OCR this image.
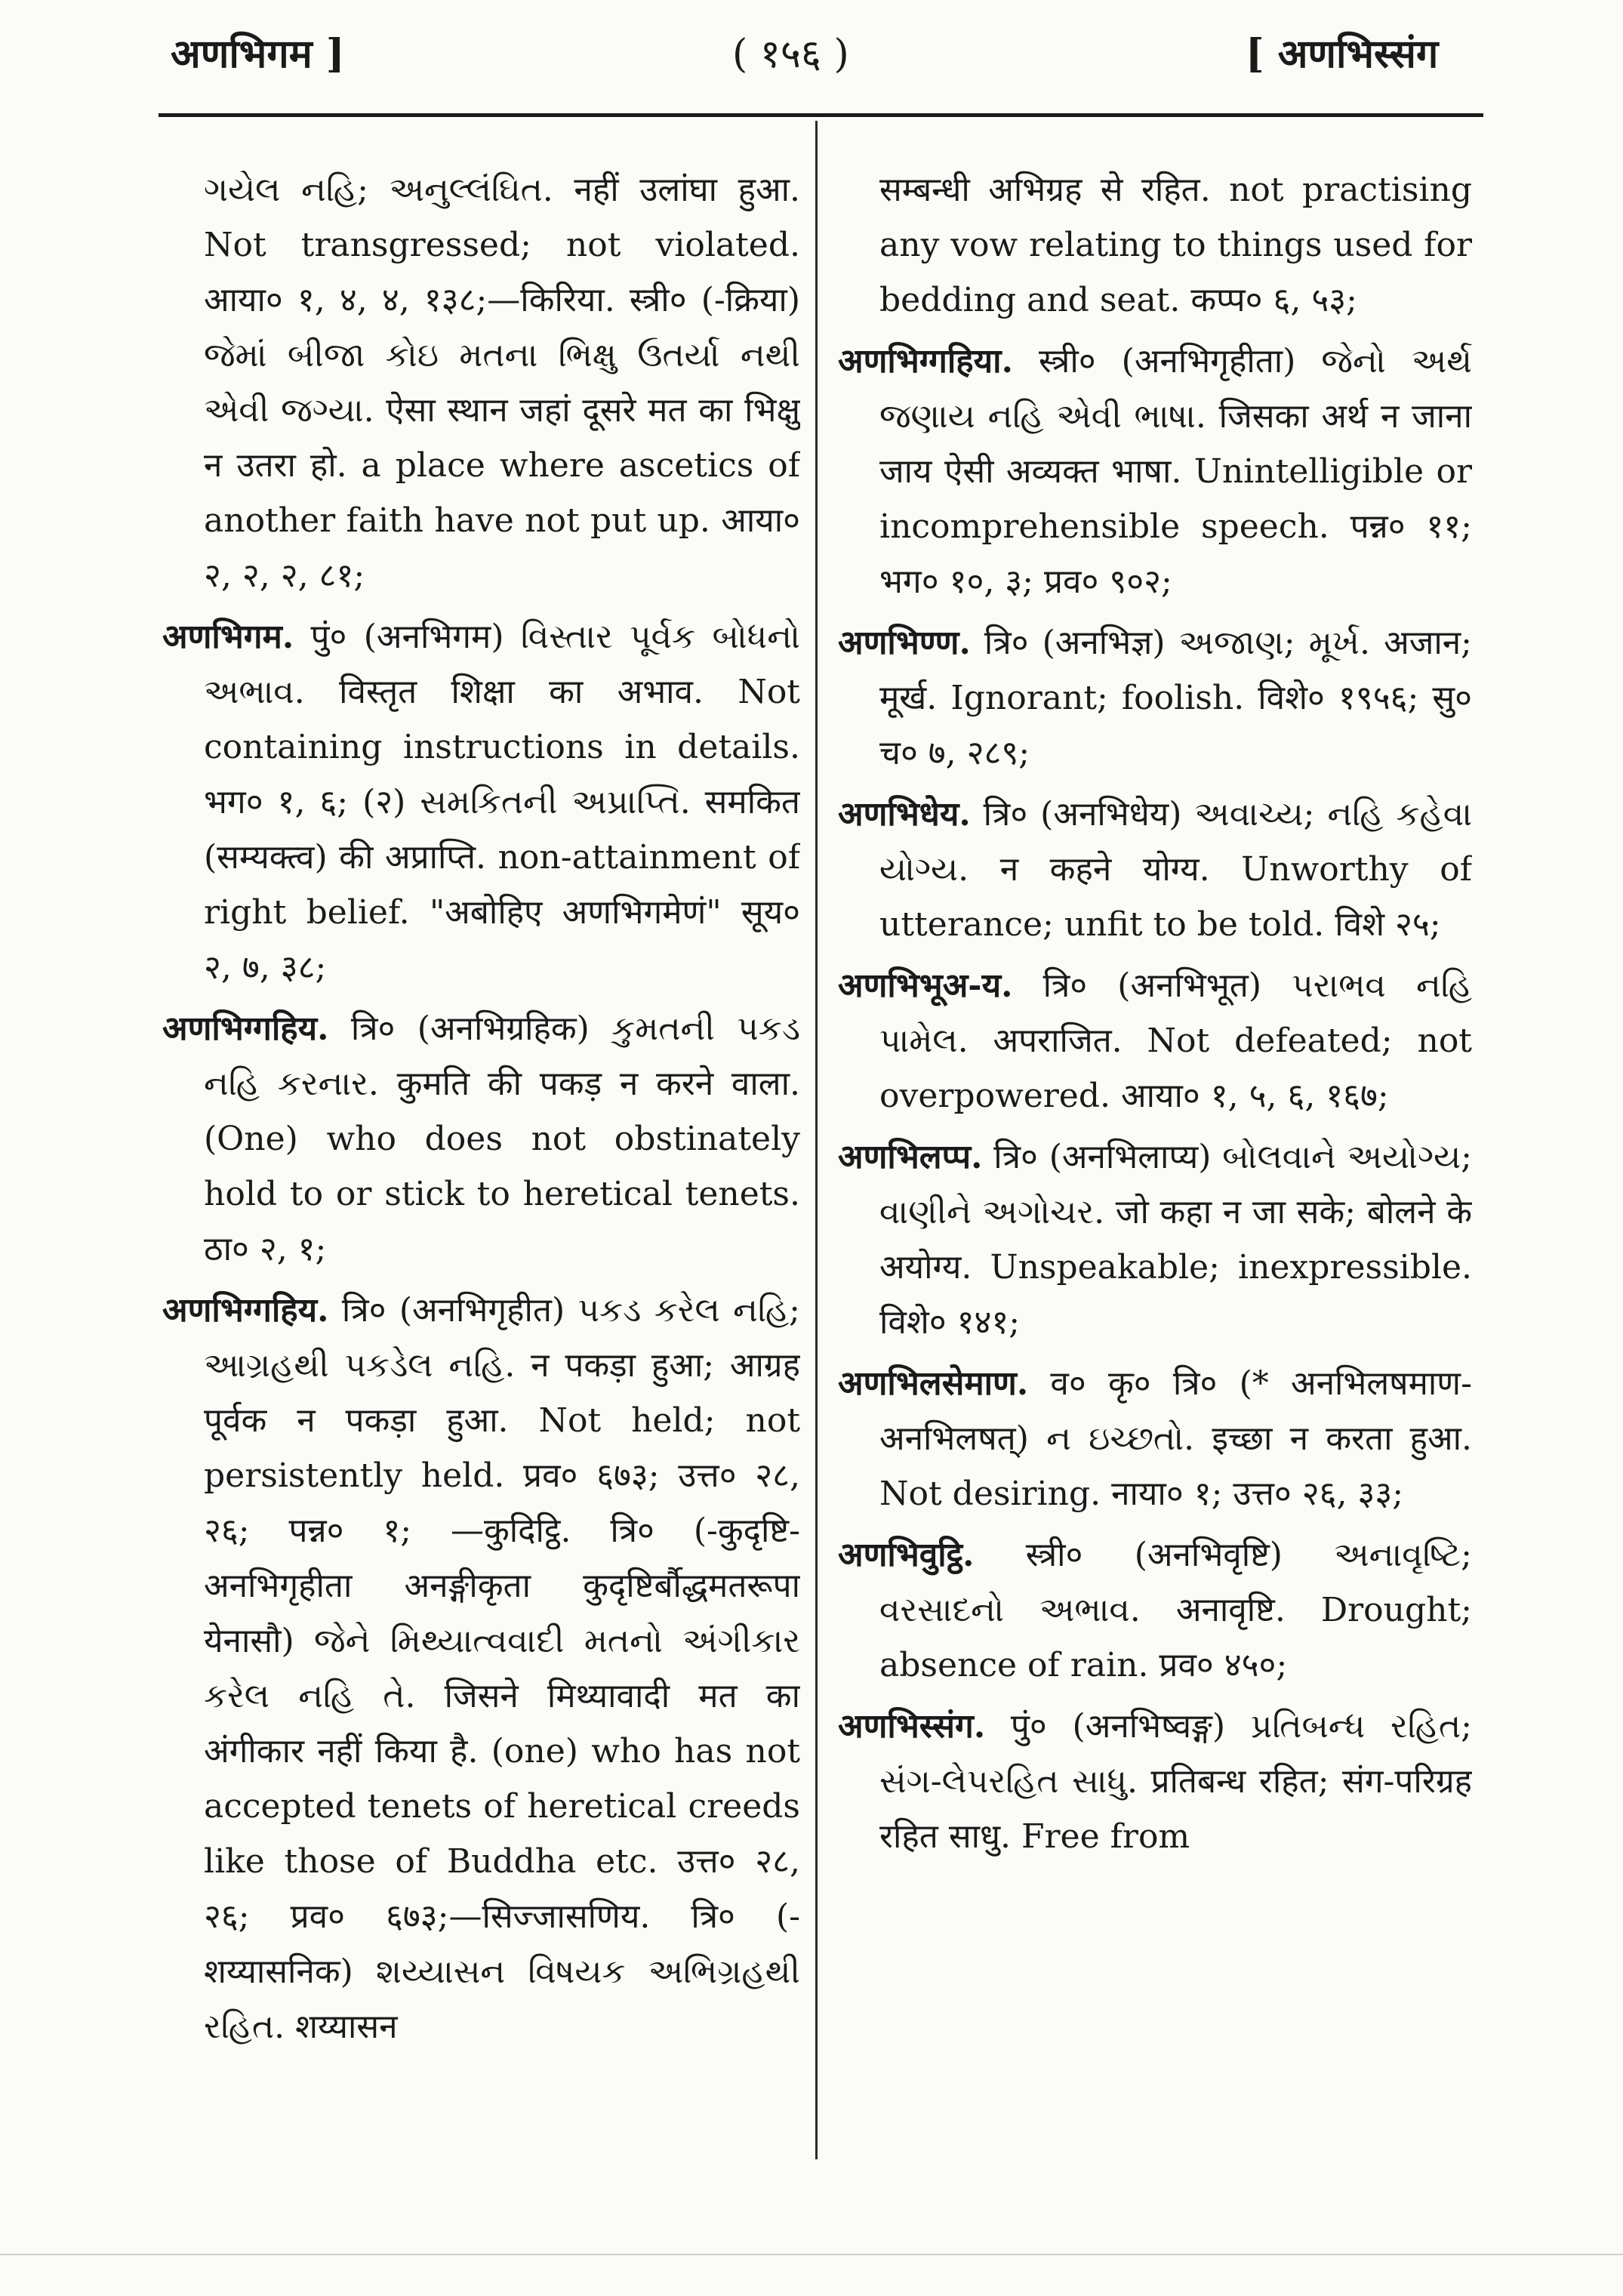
अणभिगम ]	( १५६ )	[ अणभिस्संग

ગયેલ નહિ; અનુલ્લંઘિત. नहीं उलांघा हुआ. Not transgressed; not violated. आया० १, ४, ४, १३८;—किरिया. स्त्री० (-क्रिया) જેમાં બીજા કોઇ મતના ભિક્ષુ ઉતર્યા નથી એવી જગ્યા. ऐसा स्थान जहां दूसरे मत का भिक्षु न उतरा हो. a place where ascetics of another faith have not put up. आया० २, २, २, ८१;

अणभिगम. पुं० (अनभिगम) વિસ્તાર પૂર્વક બોધનો અભાવ. विस्तृत शिक्षा का अभाव. Not containing instructions in details. भग० १, ६; (२) સમકિતની અપ્રાપ્તિ. समकित (सम्यक्त्व) की अप्राप्ति. non-attainment of right belief. "अबोहिए अणभिगमेणं" सूय० २, ७, ३८;

अणभिग्गहिय. त्रि० (अनभिग्रहिक) કુમતની પકડ નહિ કરનાર. कुमति की पकड़ न करने वाला. (One) who does not obstinately hold to or stick to heretical tenets. ठा० २, १;

अणभिग्गहिय. त्रि० (अनभिगृहीत) પકડ કરેલ નહિ; આગ્રહથી પકડેલ નહિ. न पकड़ा हुआ; आग्रह पूर्वक न पकड़ा हुआ. Not held; not persistently held. प्रव० ६७३; उत्त० २८, २६; पन्न० १; —कुदिट्ठि. त्रि० (-कुदृष्टि-अनभिगृहीता अनङ्गीकृता कुदृष्टिर्बौद्धमतरूपा येनासौ) જેને મિથ્યાત્વવાદી મતનો અંગીકાર કરેલ નહિ તે. जिसने मिथ्यावादी मत का अंगीकार नहीं किया है. (one) who has not accepted tenets of heretical creeds like those of Buddha etc. उत्त० २८, २६; प्रव० ६७३;—सिज्जासणिय. त्रि० (-शय्यासनिक) શય્યાસન વિષયક અભિગ્રહથી રહિત. शय्यासन

सम्बन्धी अभिग्रह से रहित. not practising any vow relating to things used for bedding and seat. कप्प० ६, ५३;

अणभिग्गहिया. स्त्री० (अनभिगृहीता) જેનો અર્થ જણાય નહિ એવી ભાષા. जिसका अर्थ न जाना जाय ऐसी अव्यक्त भाषा. Unintelligible or incomprehensible speech. पन्न० ११; भग० १०, ३; प्रव० ९०२;

अणभिण्ण. त्रि० (अनभिज्ञ) અજાણ; મૂર્ખ. अजान; मूर्ख. Ignorant; foolish. विशे० १९५६; सु० च० ७, २८९;

अणभिधेय. त्रि० (अनभिधेय) અવાચ્ય; નહિ કહેવા યોગ્ય. न कहने योग्य. Unworthy of utterance; unfit to be told. विशे २५;

अणभिभूअ-य. त्रि० (अनभिभूत) પરાભવ નહિ પામેલ. अपराजित. Not defeated; not overpowered. आया० १, ५, ६, १६७;

अणभिलप्प. त्रि० (अनभिलाप्य) બોલવાને અયોગ્ય; વાણીને અગોચર. जो कहा न जा सके; बोलने के अयोग्य. Unspeakable; inexpressible. विशे० १४१;

अणभिलसेमाण. व० कृ० त्रि० (* अनभिलषमाण-अनभिलषत्) ન ઇચ્છતો. इच्छा न करता हुआ. Not desiring. नाया० १; उत्त० २६, ३३;

अणभिवुट्ठि. स्त्री० (अनभिवृष्टि) અનાવૃષ્ટિ; વરસાદનો અભાવ. अनावृष्टि. Drought; absence of rain. प्रव० ४५०;

अणभिस्संग. पुं० (अनभिष्वङ्ग) પ્રતિબન્ધ રહિત; સંગ-લેપરહિત સાધુ. प्रतिबन्ध रहित; संग-परिग्रह रहित साधु. Free from
